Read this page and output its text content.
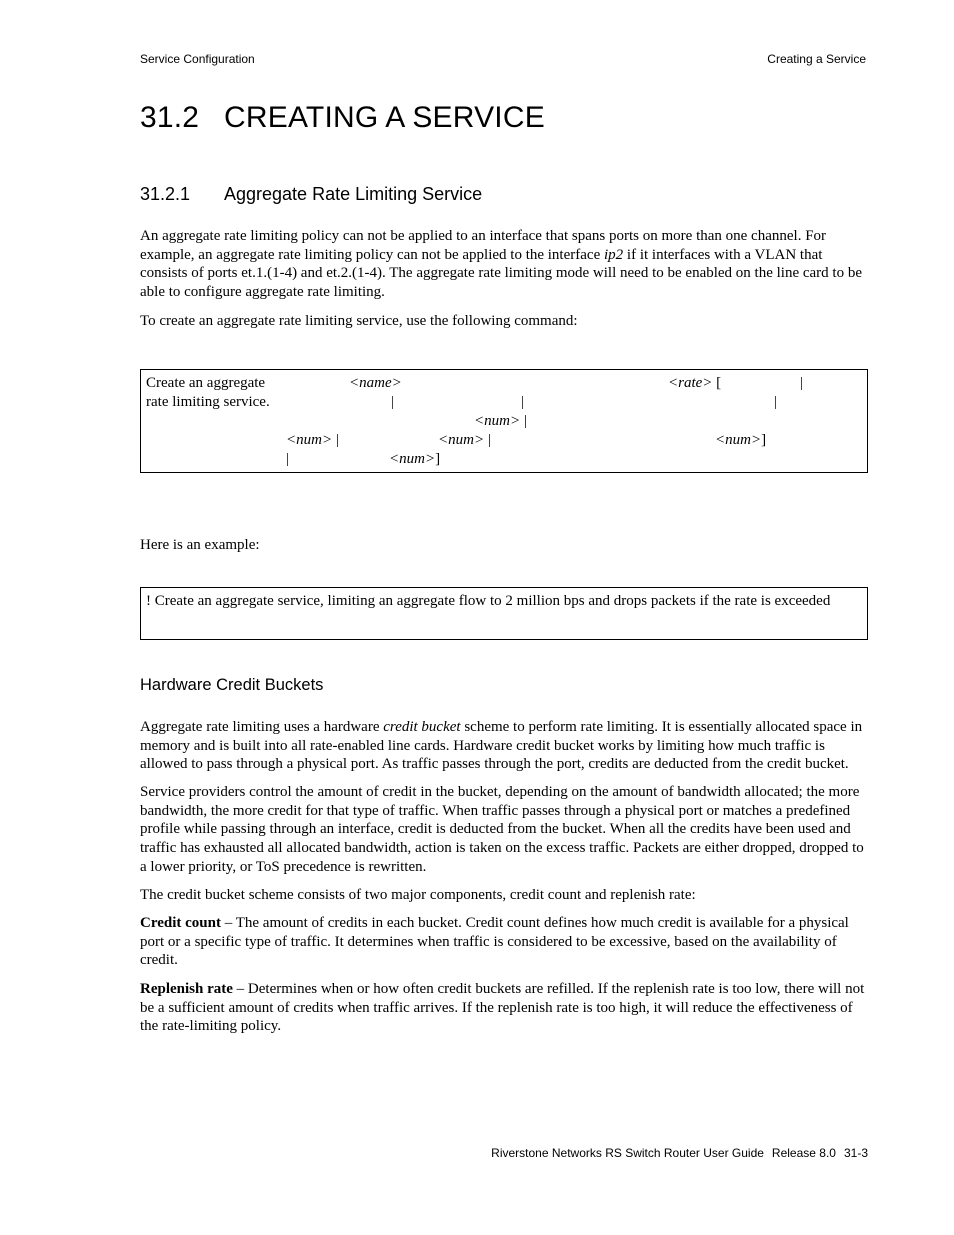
Service Configuration	Creating a Service
31.2 CREATING A SERVICE
31.2.1 Aggregate Rate Limiting Service

An aggregate rate limiting policy can not be applied to an interface that spans ports on more than one channel. For example, an aggregate rate limiting policy can not be applied to the interface ip2 if it interfaces with a VLAN that consists of ports et.1.(1-4) and et.2.(1-4). The aggregate rate limiting mode will need to be enabled on the line card to be able to configure aggregate rate limiting.

To create an aggregate rate limiting service, use the following command:
Create an aggregate
rate limiting service.
<name>	<rate> [	|
|	|	|
<num> |
<num> |	<num> |	<num>]
|	<num>]
Here is an example:
! Create an aggregate service, limiting an aggregate flow to 2 million bps and drops packets if the rate is exceeded
Hardware Credit Buckets

Aggregate rate limiting uses a hardware credit bucket scheme to perform rate limiting. It is essentially allocated space in memory and is built into all rate-enabled line cards. Hardware credit bucket works by limiting how much traffic is allowed to pass through a physical port. As traffic passes through the port, credits are deducted from the credit bucket.

Service providers control the amount of credit in the bucket, depending on the amount of bandwidth allocated; the more bandwidth, the more credit for that type of traffic. When traffic passes through a physical port or matches a predefined profile while passing through an interface, credit is deducted from the bucket. When all the credits have been used and traffic has exhausted all allocated bandwidth, action is taken on the excess traffic. Packets are either dropped, dropped to a lower priority, or ToS precedence is rewritten.
The credit bucket scheme consists of two major components, credit count and replenish rate:

Credit count – The amount of credits in each bucket. Credit count defines how much credit is available for a physical port or a specific type of traffic. It determines when traffic is considered to be excessive, based on the availability of credit.

Replenish rate – Determines when or how often credit buckets are refilled. If the replenish rate is too low, there will not be a sufficient amount of credits when traffic arrives. If the replenish rate is too high, it will reduce the effectiveness of the rate-limiting policy.

Riverstone Networks RS Switch Router User Guide Release 8.0 31-3
